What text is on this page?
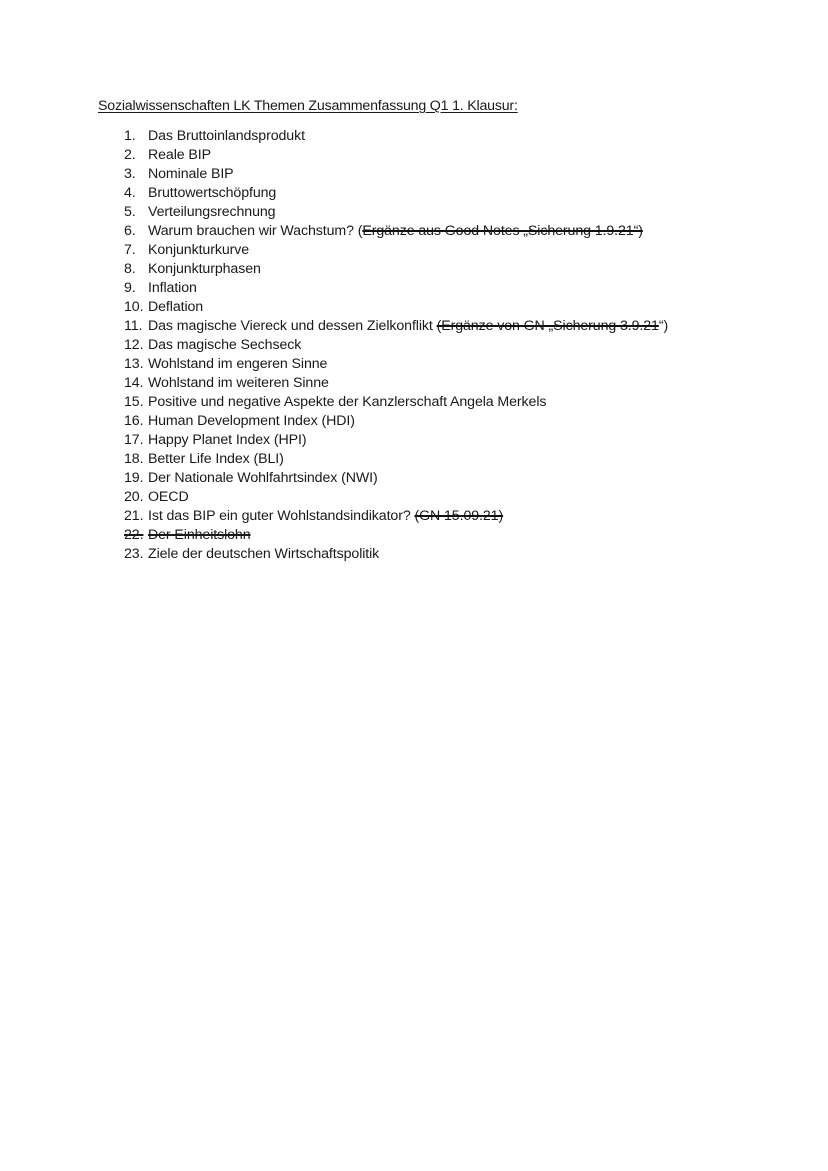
Sozialwissenschaften LK Themen Zusammenfassung Q1 1. Klausur:
1. Das Bruttoinlandsprodukt
2. Reale BIP
3. Nominale BIP
4. Bruttowertschöpfung
5. Verteilungsrechnung
6. Warum brauchen wir Wachstum? (Ergänze aus Good Notes „Sicherung 1.9.21“)
7. Konjunkturkurve
8. Konjunkturphasen
9. Inflation
10. Deflation
11. Das magische Viereck und dessen Zielkonflikt (Ergänze von GN „Sicherung 3.9.21“)
12. Das magische Sechseck
13. Wohlstand im engeren Sinne
14. Wohlstand im weiteren Sinne
15. Positive und negative Aspekte der Kanzlerschaft Angela Merkels
16. Human Development Index (HDI)
17. Happy Planet Index (HPI)
18. Better Life Index (BLI)
19. Der Nationale Wohlfahrtsindex (NWI)
20. OECD
21. Ist das BIP ein guter Wohlstandsindikator? (GN 15.09.21)
22. Der Einheitslohn
23. Ziele der deutschen Wirtschaftspolitik
